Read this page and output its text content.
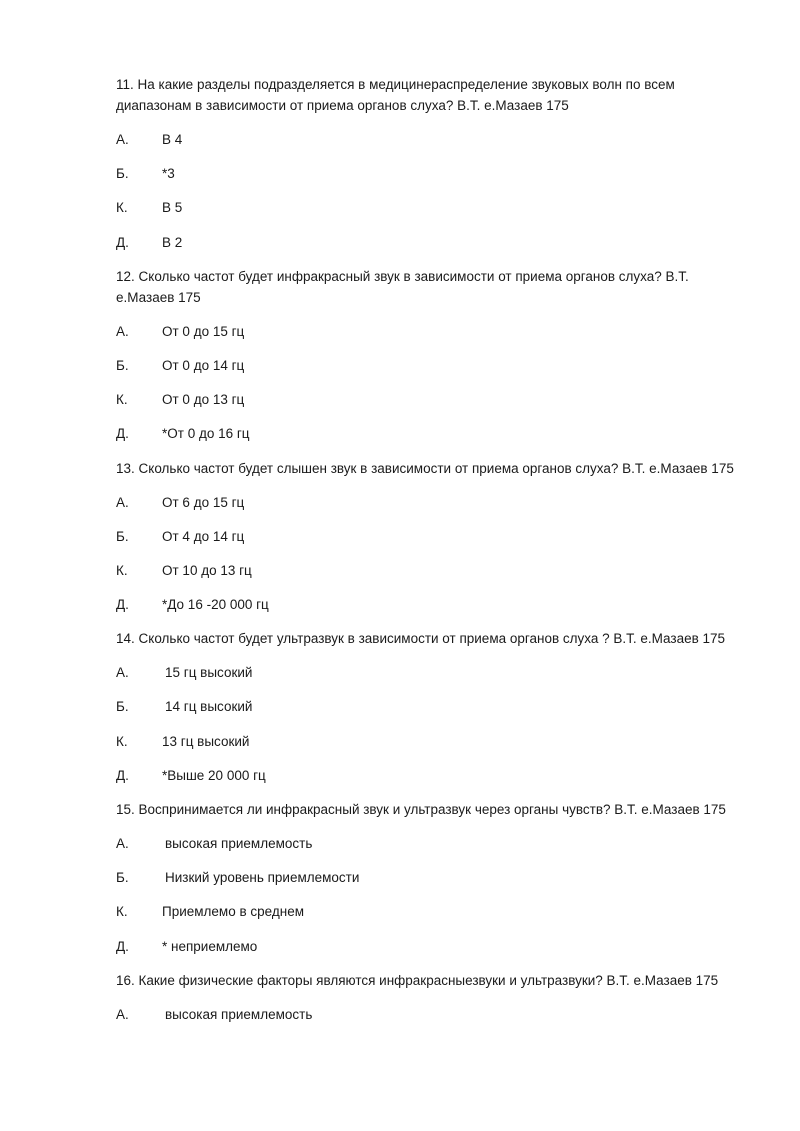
11. На какие разделы подразделяется в медицинераспределение звуковых волн по всем диапазонам в зависимости от приема органов слуха? В.Т. е.Мазаев 175

А. В 4
Б. *3
К.	В 5
Д. В 2

12. Сколько частот будет инфракрасный звук в зависимости от приема органов слуха? В.Т. е.Мазаев 175

А. От 0 до 15 гц
Б. От 0 до 14 гц
К.	От 0 до 13 гц
Д. *От 0 до 16 гц

13. Сколько частот будет слышен звук в зависимости от приема органов слуха? В.Т. е.Мазаев 175

А. От 6 до 15 гц
Б. От 4 до 14 гц
К.	От 10 до 13 гц
Д. *До 16 -20 000 гц

14. Сколько частот будет ультразвук в зависимости от приема органов слуха ? В.Т. е.Мазаев 175

А.	15 гц высокий
Б.	14 гц высокий
К.	13 гц высокий
Д. *Выше 20 000 гц

15. Воспринимается ли инфракрасный звук и ультразвук через органы чувств? В.Т. е.Мазаев 175

А.	высокая приемлемость
Б.	Низкий уровень приемлемости
К.	Приемлемо в среднем
Д. * неприемлемо

16. Какие физические факторы являются инфракрасныезвуки и ультразвуки? В.Т. е.Мазаев 175

А.	высокая приемлемость
